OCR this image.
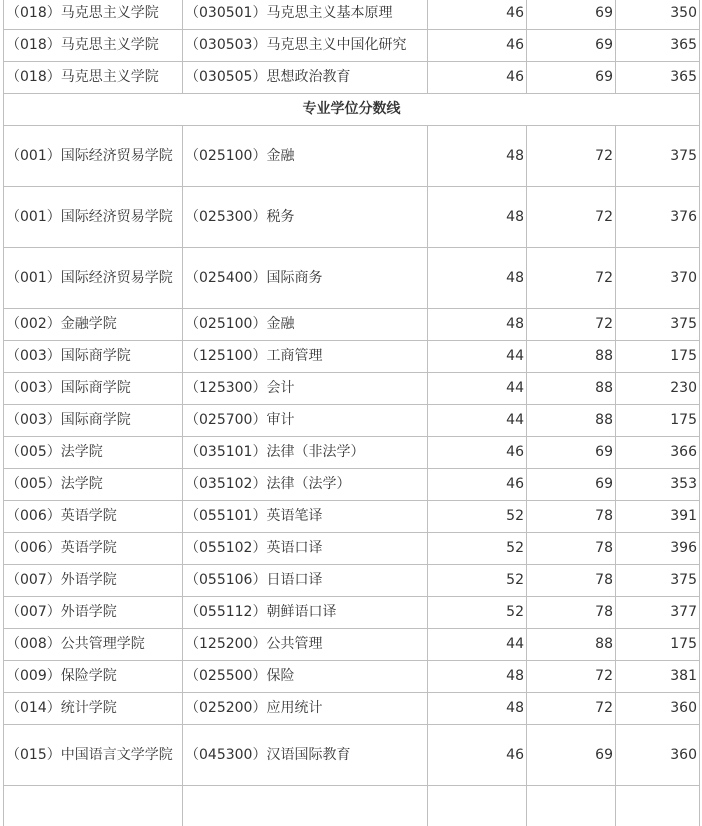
（018）马克思主义学院	（030501）马克思主义基本原理	46	69	350
（018）马克思主义学院	（030503）马克思主义中国化研究	46	69	365
（018）马克思主义学院	（030505）思想政治教育	46	69	365
专业学位分数线				
（001）国际经济贸易学院	（025100）金融	48	72	375
（001）国际经济贸易学院	（025300）税务	48	72	376
（001）国际经济贸易学院	（025400）国际商务	48	72	370
（002）金融学院	（025100）金融	48	72	375
（003）国际商学院	（125100）工商管理	44	88	175
（003）国际商学院	（125300）会计	44	88	230
（003）国际商学院	（025700）审计	44	88	175
（005）法学院	（035101）法律（非法学）	46	69	366
（005）法学院	（035102）法律（法学）	46	69	353
（006）英语学院	（055101）英语笔译	52	78	391
（006）英语学院	（055102）英语口译	52	78	396
（007）外语学院	（055106）日语口译	52	78	375
（007）外语学院	（055112）朝鲜语口译	52	78	377
（008）公共管理学院	（125200）公共管理	44	88	175
（009）保险学院	（025500）保险	48	72	381
（014）统计学院	（025200）应用统计	48	72	360
（015）中国语言文学学院	（045300）汉语国际教育	46	69	360
